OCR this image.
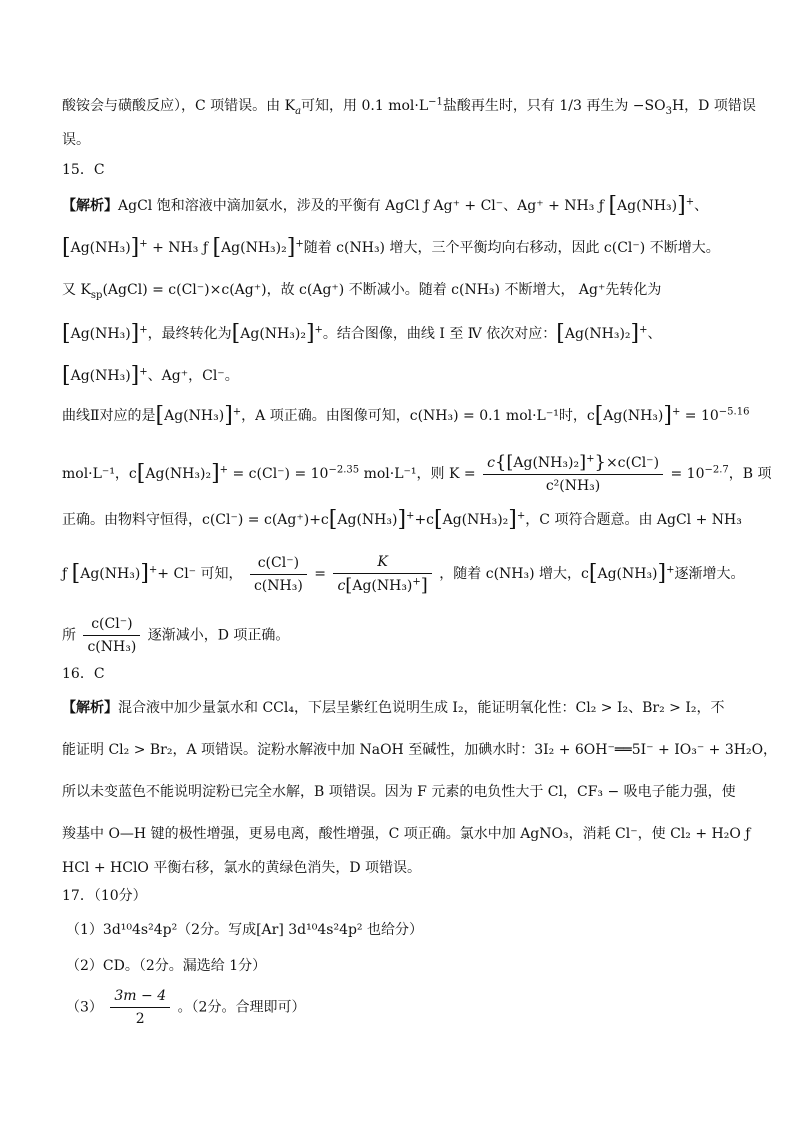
酸铵会与磺酸反应），C 项错误。由 $K_a$可知，用 0.1 $mol\cdot L^{-1}$盐酸再生时，只有 1/3 再生为 $-SO_3H$，D 项错误
误。
15．C
【解析】AgCl 饱和溶液中滴加氨水，涉及的平衡有 AgCl ƒ Ag⁺ + Cl⁻、Ag⁺ + NH₃ ƒ [Ag(NH₃)]+、
[Ag(NH₃)]+ + NH₃ ƒ [Ag(NH₃)₂]+随着 c(NH₃) 增大，三个平衡均向右移动，因此 c(Cl⁻) 不断增大。
又 $K_{sp}(AgCl) = c(Cl^-)\times c(Ag^+)$，故 c(Ag⁺) 不断减小。随着 c(NH₃) 不断增大， Ag⁺先转化为
[Ag(NH₃)]+，最终转化为[Ag(NH₃)₂]+。结合图像，曲线 Ⅰ 至 Ⅳ 依次对应：[Ag(NH₃)₂]+、
[Ag(NH₃)]+、Ag⁺，Cl⁻。
曲线Ⅱ对应的是[Ag(NH₃)]+，A 项正确。由图像可知，c(NH₃) = 0.1 mol·L⁻¹时，$c[Ag(NH_3)]^+ = 10^{-5.16}$
mol·L⁻¹，$c[Ag(NH_3)_2]^+ = c(Cl^-) = 10^{-2.35}$ mol·L⁻¹，则 $K = \frac{c\{[Ag(NH_3)_2]^+\}\times c(Cl^-)}{\text{c²(NH₃)}} = 10^{-2.7}$，B 项
正确。由物料守恒得，c(Cl⁻) = c(Ag⁺)+c[Ag(NH₃)]++c[Ag(NH₃)₂]+，C 项符合题意。由 AgCl + NH₃
ƒ [Ag(NH₃)]++ Cl⁻ 可知， $\frac{c(Cl^-)}{\text{c(NH₃)}} = \frac{K}{c[Ag(NH_3)^+]}$ ，随着 c(NH₃) 增大，c[Ag(NH₃)]+逐渐增大。
所 $\frac{c(Cl^-)}{\text{c(NH₃)}}$ 逐渐减小，D 项正确。
16．C
【解析】混合液中加少量氯水和 CCl₄，下层呈紫红色说明生成 I₂，能证明氧化性：Cl₂ > I₂、Br₂ > I₂，不
能证明 Cl₂ > Br₂，A 项错误。淀粉水解液中加 NaOH 至碱性，加碘水时：3I₂ + 6OH⁻══5I⁻ + IO₃⁻ + 3H₂O，
所以未变蓝色不能说明淀粉已完全水解，B 项错误。因为 F 元素的电负性大于 Cl，CF₃ − 吸电子能力强，使
羧基中 O—H 键的极性增强，更易电离，酸性增强，C 项正确。氯水中加 AgNO₃，消耗 Cl⁻，使 Cl₂ + H₂O ƒ
HCl + HClO 平衡右移，氯水的黄绿色消失，D 项错误。
17．（10分）
（1）3d¹⁰4s²4p²（2分。写成[Ar] 3d¹⁰4s²4p² 也给分）
（2）CD。（2分。漏选给 1分）
$(3) \frac{3m - 4}{2}$ 。（2分。合理即可）
